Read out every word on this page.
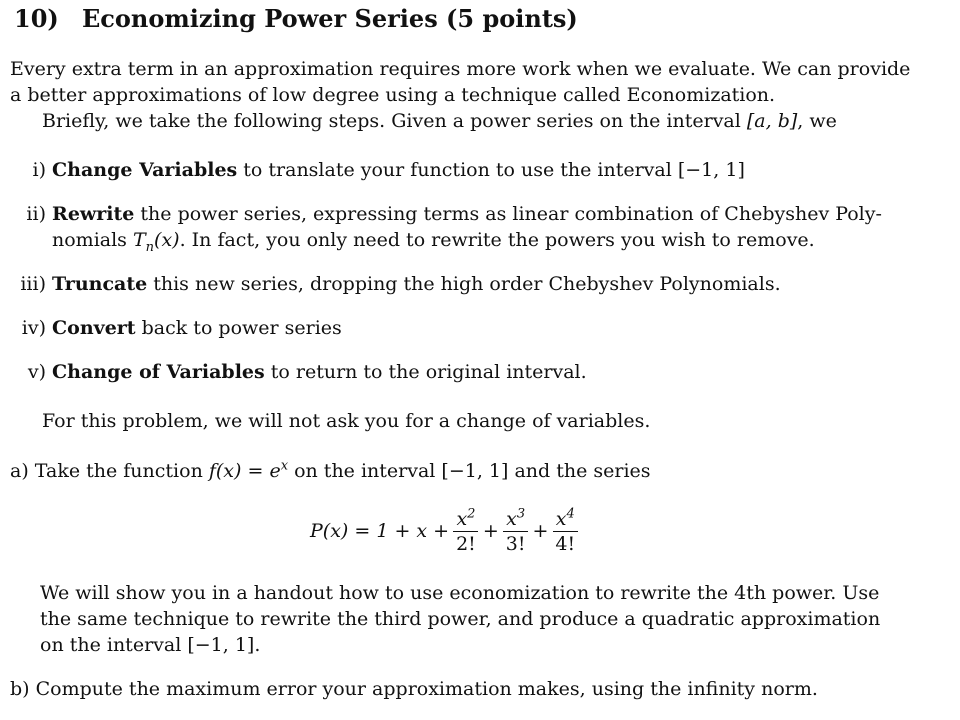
10) Economizing Power Series (5 points)
Every extra term in an approximation requires more work when we evaluate. We can provide
a better approximations of low degree using a technique called Economization.
Briefly, we take the following steps. Given a power series on the interval [a, b], we
i) Change Variables to translate your function to use the interval [−1, 1]
ii) Rewrite the power series, expressing terms as linear combination of Chebyshev Poly-
nomials $T_n(x)$. In fact, you only need to rewrite the powers you wish to remove.
iii) Truncate this new series, dropping the high order Chebyshev Polynomials.
iv) Convert back to power series
v) Change of Variables to return to the original interval.
For this problem, we will not ask you for a change of variables.
a) Take the function $f(x) = e^x$ on the interval [−1, 1] and the series
$P(x) = 1 + x + \frac{x^2}{2!} + \frac{x^3}{3!} + \frac{x^4}{4!}$
We will show you in a handout how to use economization to rewrite the 4th power. Use
the same technique to rewrite the third power, and produce a quadratic approximation
on the interval [−1, 1].
b) Compute the maximum error your approximation makes, using the infinity norm.
